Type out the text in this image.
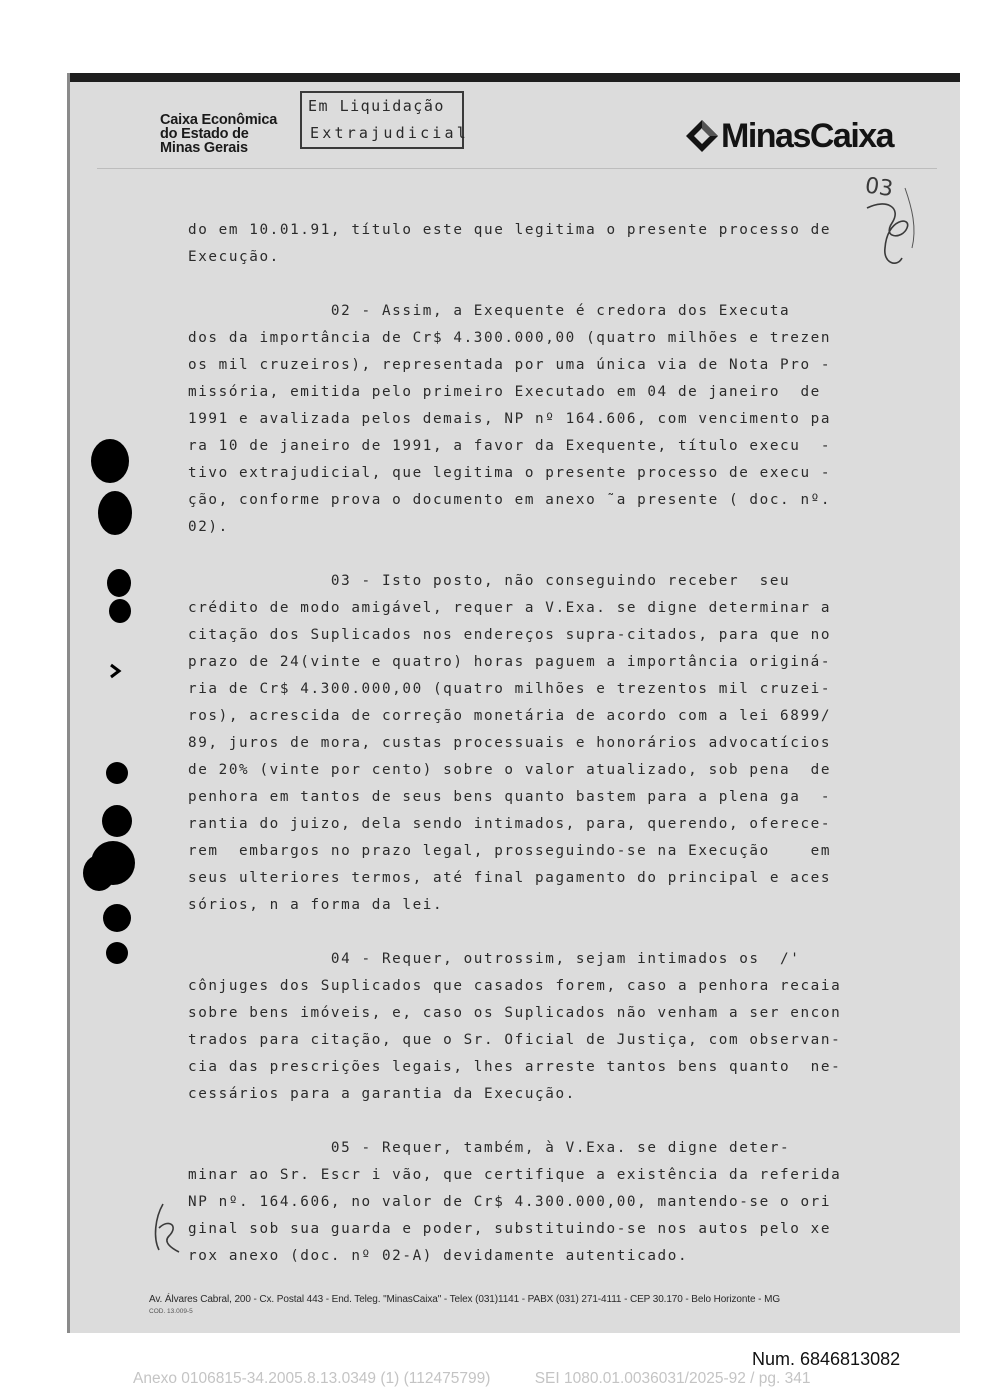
Caixa Econômica
do Estado de
Minas Gerais
Em Liquidação
Extrajudicial	MinasCaixa
03
do em 10.01.91, título este que legitima o presente processo de
Execução.
02 - Assim, a Exequente é credora dos Executa
dos da importância de Cr$ 4.300.000,00 (quatro milhões e trezen
os mil cruzeiros), representada por uma única via de Nota Pro -
missória, emitida pelo primeiro Executado em 04 de janeiro  de
1991 e avalizada pelos demais, NP nº 164.606, com vencimento pa
ra 10 de janeiro de 1991, a favor da Exequente, título execu  -
tivo extrajudicial, que legitima o presente processo de execu -
ção, conforme prova o documento em anexo ˜a presente ( doc. nº.
02).
03 - Isto posto, não conseguindo receber  seu
crédito de modo amigável, requer a V.Exa. se digne determinar a
citação dos Suplicados nos endereços supra-citados, para que no
prazo de 24(vinte e quatro) horas paguem a importância originá-
ria de Cr$ 4.300.000,00 (quatro milhões e trezentos mil cruzei-
ros), acrescida de correção monetária de acordo com a lei 6899/
89, juros de mora, custas processuais e honorários advocatícios
de 20% (vinte por cento) sobre o valor atualizado, sob pena  de
penhora em tantos de seus bens quanto bastem para a plena ga  -
rantia do juizo, dela sendo intimados, para, querendo, oferece-
rem  embargos no prazo legal, prosseguindo-se na Execução    em
seus ulteriores termos, até final pagamento do principal e aces
sórios, n a forma da lei.
04 - Requer, outrossim, sejam intimados os  /'
cônjuges dos Suplicados que casados forem, caso a penhora recaia
sobre bens imóveis, e, caso os Suplicados não venham a ser encon
trados para citação, que o Sr. Oficial de Justiça, com observan-
cia das prescrições legais, lhes arreste tantos bens quanto  ne-
cessários para a garantia da Execução.
05 - Requer, também, à V.Exa. se digne deter-
minar ao Sr. Escr i vão, que certifique a existência da referida
NP nº. 164.606, no valor de Cr$ 4.300.000,00, mantendo-se o ori
ginal sob sua guarda e poder, substituindo-se nos autos pelo xe
rox anexo (doc. nº 02-A) devidamente autenticado.
Av. Álvares Cabral, 200 - Cx. Postal 443 - End. Teleg. "MinasCaixa" - Telex (031)1141 - PABX (031) 271-4111 - CEP 30.170 - Belo Horizonte - MG
COD. 13.009-5
Num. 6846813082
Anexo 0106815-34.2005.8.13.0349 (1) (112475799)	SEI 1080.01.0036031/2025-92 / pg. 341
